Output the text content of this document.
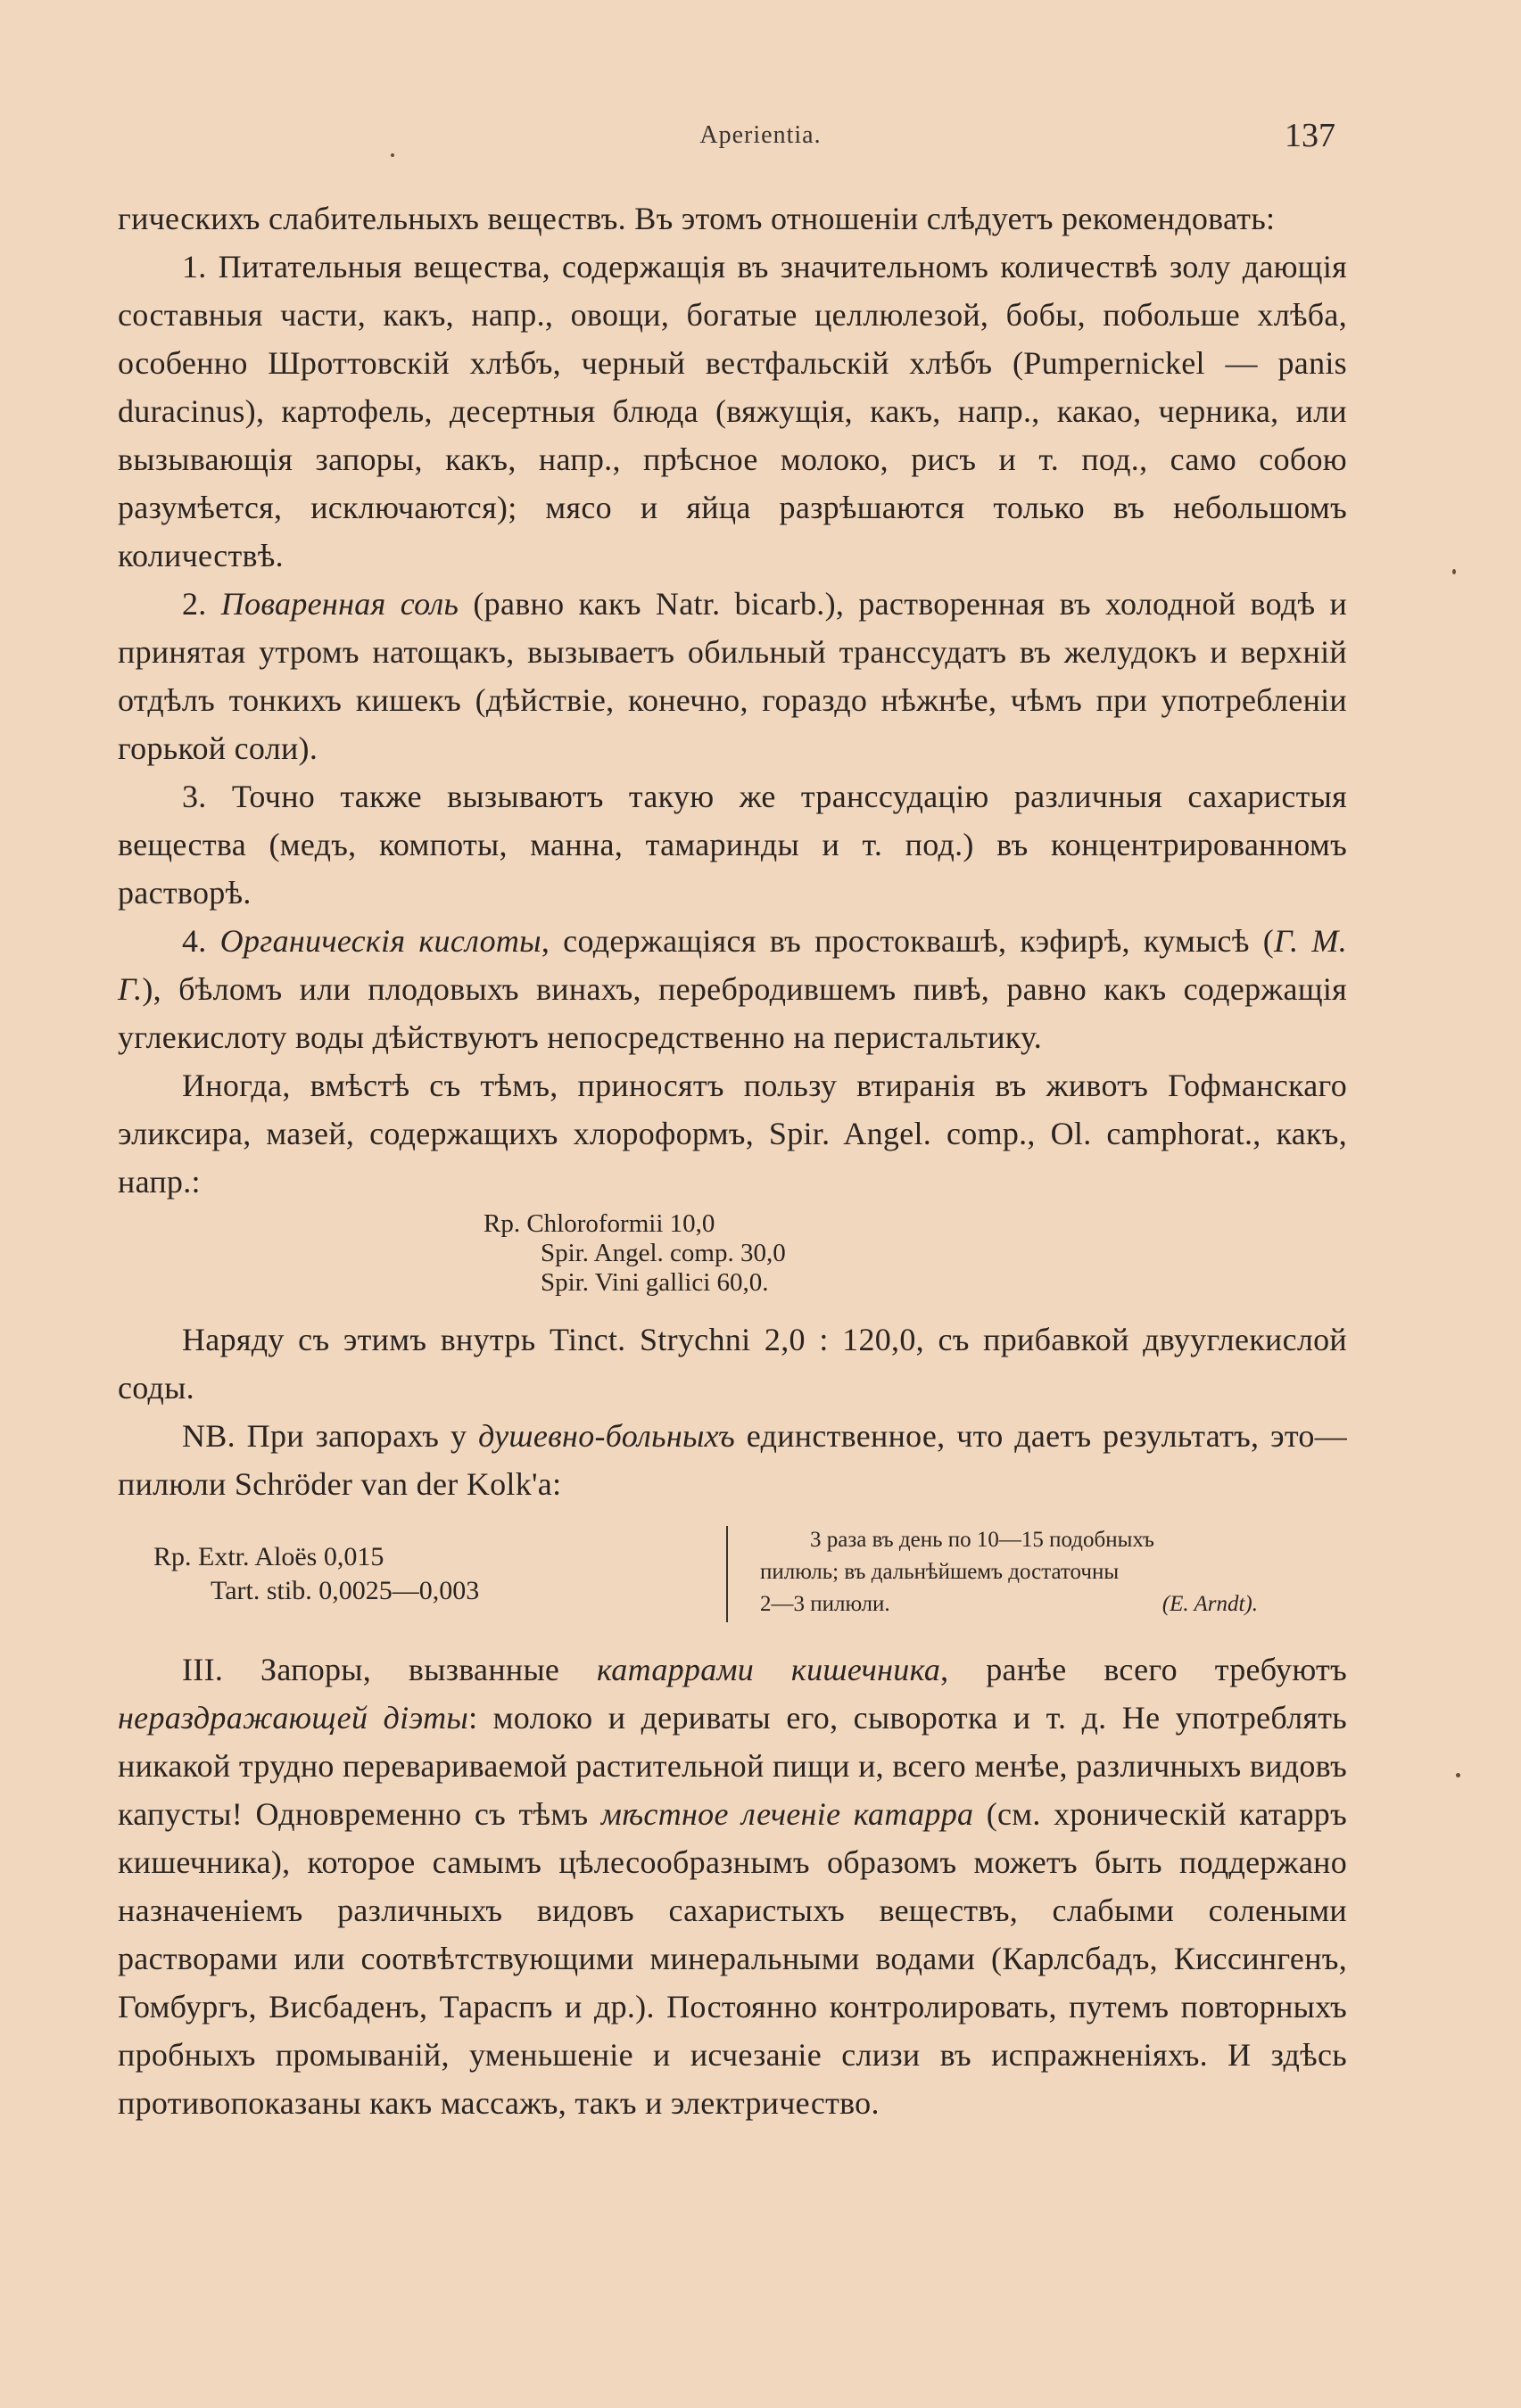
Aperientia.	137

гическихъ слабительныхъ веществъ. Въ этомъ отношеніи слѣдуетъ рекомендовать:

1. Питательныя вещества, содержащія въ значительномъ количествѣ золу дающія составныя части, какъ, напр., овощи, богатые целлюлезой, бобы, побольше хлѣба, особенно Шроттовскій хлѣбъ, черный вестфальскій хлѣбъ (Pumpernickel — panis duracinus), картофель, десертныя блюда (вяжущія, какъ, напр., какао, черника, или вызывающія запоры, какъ, напр., прѣсное молоко, рисъ и т. под., само собою разумѣется, исключаются); мясо и яйца разрѣшаются только въ небольшомъ количествѣ.

2. Поваренная соль (равно какъ Natr. bicarb.), растворенная въ холодной водѣ и принятая утромъ натощакъ, вызываетъ обильный транссудатъ въ желудокъ и верхній отдѣлъ тонкихъ кишекъ (дѣйствіе, конечно, гораздо нѣжнѣе, чѣмъ при употребленіи горькой соли).

3. Точно также вызываютъ такую же транссудацію различныя сахаристыя вещества (медъ, компоты, манна, тамаринды и т. под.) въ концентрированномъ растворѣ.

4. Органическія кислоты, содержащіяся въ простоквашѣ, кэфирѣ, кумысѣ (Г. М. Г.), бѣломъ или плодовыхъ винахъ, перебродившемъ пивѣ, равно какъ содержащія углекислоту воды дѣйствуютъ непосредственно на перистальтику.

Иногда, вмѣстѣ съ тѣмъ, приносятъ пользу втиранія въ животъ Гофманскаго эликсира, мазей, содержащихъ хлороформъ, Spir. Angel. comp., Ol. camphorat., какъ, напр.:

Rp. Chloroformii 10,0
Spir. Angel. comp. 30,0
Spir. Vini gallici 60,0.

Наряду съ этимъ внутрь Tinct. Strychni 2,0 : 120,0, съ прибавкой двууглекислой соды.

NB. При запорахъ у душевно-больныхъ единственное, что даетъ результатъ, это—пилюли Schröder van der Kolk'a:

Rp. Extr. Aloës 0,015
Tart. stib. 0,0025—0,003
3 раза въ день по 10—15 подобныхъ
пилюль; въ дальнѣйшемъ достаточны
2—3 пилюли.	(E. Arndt).

III. Запоры, вызванные катаррами кишечника, ранѣе всего требуютъ нераздражающей діэты: молоко и дериваты его, сыворотка и т. д. Не употреблять никакой трудно перевариваемой растительной пищи и, всего менѣе, различныхъ видовъ капусты! Одновременно съ тѣмъ мѣстное леченіе катарра (см. хроническій катарръ кишечника), которое самымъ цѣлесообразнымъ образомъ можетъ быть поддержано назначеніемъ различныхъ видовъ сахаристыхъ веществъ, слабыми солеными растворами или соотвѣтствующими минеральными водами (Карлсбадъ, Киссингенъ, Гомбургъ, Висбаденъ, Тараспъ и др.). Постоянно контролировать, путемъ повторныхъ пробныхъ промываній, уменьшеніе и исчезаніе слизи въ испражненіяхъ. И здѣсь противопоказаны какъ массажъ, такъ и электричество.
